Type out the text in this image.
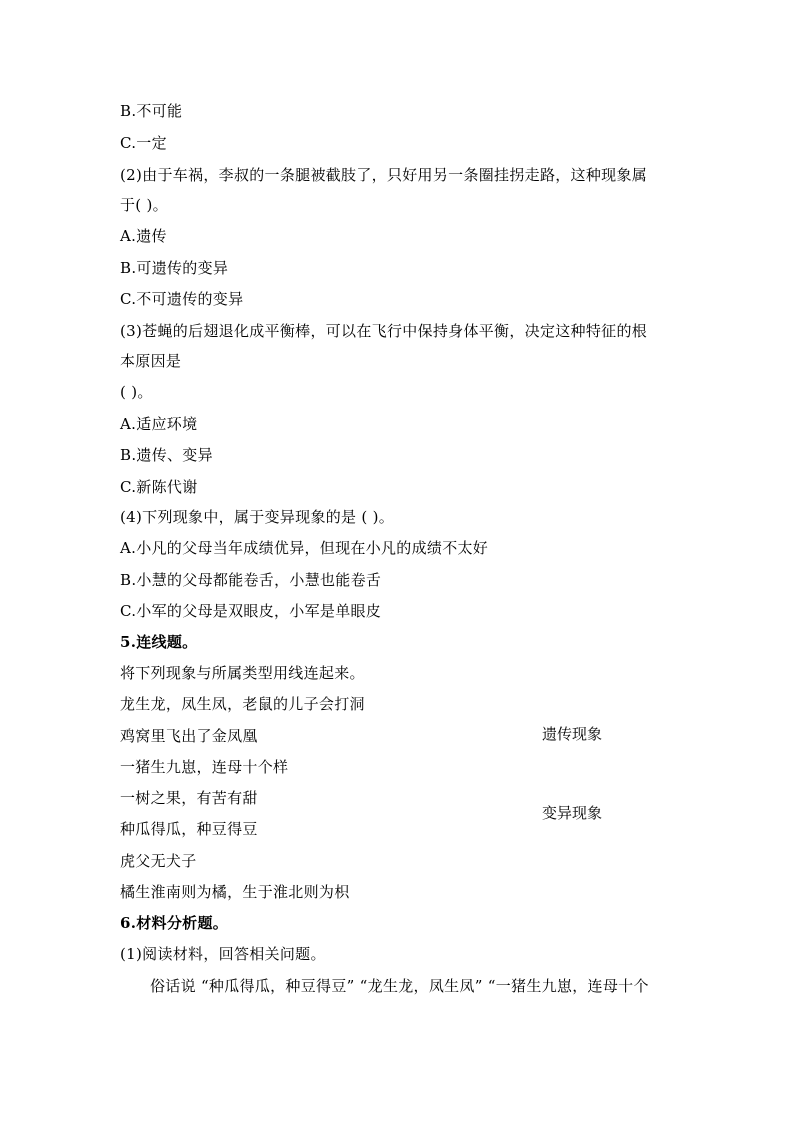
B.不可能
C.一定
(2)由于车祸，李叔的一条腿被截肢了，只好用另一条圈挂拐走路，这种现象属
于( )。
A.遗传
B.可遗传的变异
C.不可遗传的变异
(3)苍蝇的后翅退化成平衡棒，可以在飞行中保持身体平衡，决定这种特征的根
本原因是
( )。
A.适应环境
B.遗传、变异
C.新陈代谢
(4)下列现象中，属于变异现象的是 ( )。
A.小凡的父母当年成绩优异，但现在小凡的成绩不太好
B.小慧的父母都能卷舌，小慧也能卷舌
C.小军的父母是双眼皮，小军是单眼皮
5.连线题。
将下列现象与所属类型用线连起来。
龙生龙，凤生凤，老鼠的儿子会打洞
鸡窝里飞出了金凤凰
一猪生九崽，连母十个样
一树之果，有苦有甜
种瓜得瓜，种豆得豆
虎父无犬子
橘生淮南则为橘，生于淮北则为枳
遗传现象
变异现象
6.材料分析题。
(1)阅读材料，回答相关问题。
俗话说 “种瓜得瓜，种豆得豆” “龙生龙，凤生凤” “一猪生九崽，连母十个
